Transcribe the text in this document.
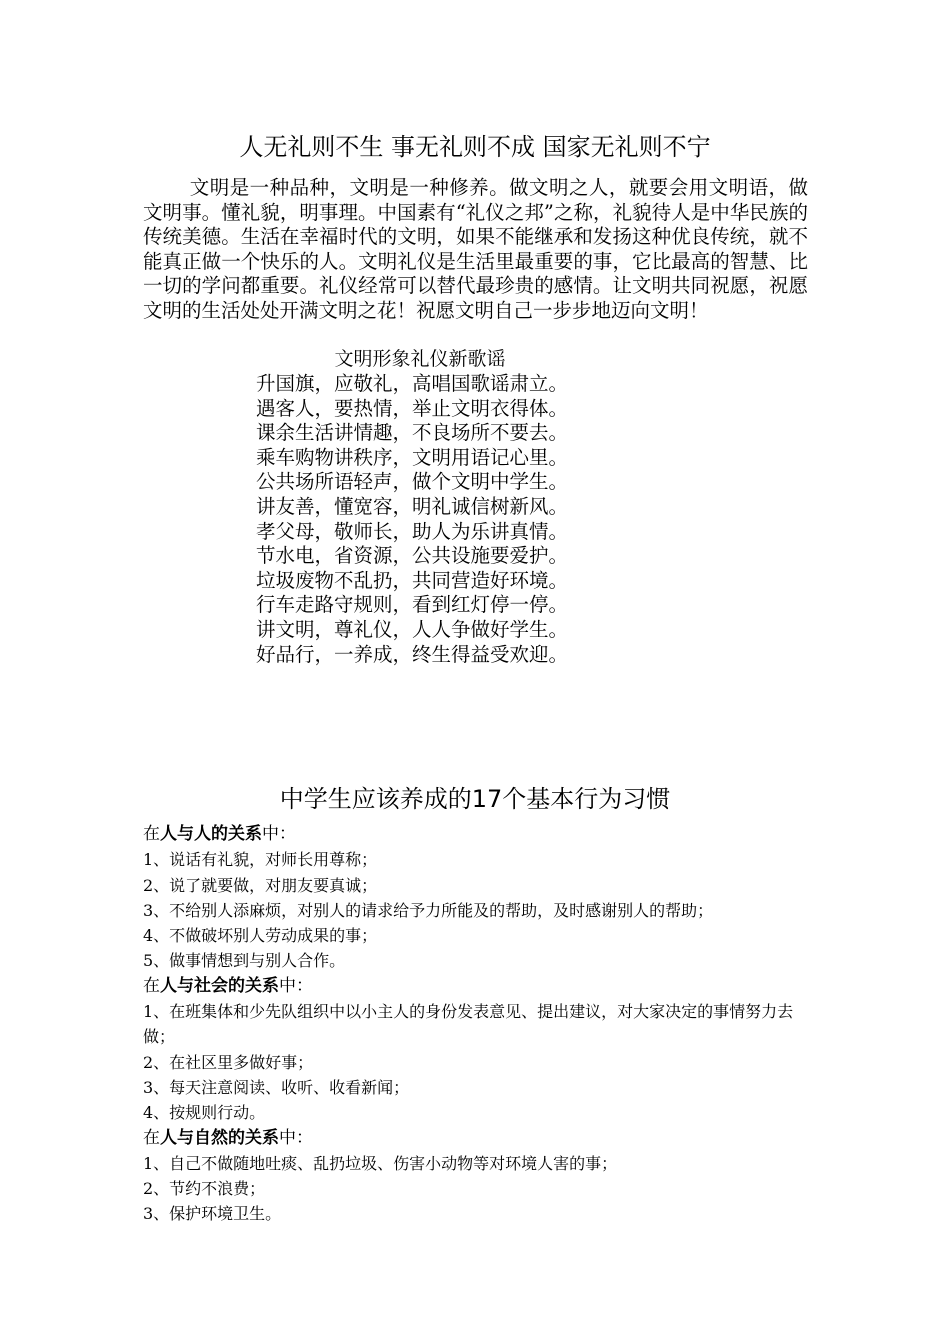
人无礼则不生 事无礼则不成 国家无礼则不宁
文明是一种品种，文明是一种修养。做文明之人，就要会用文明语，做文明事。懂礼貌，明事理。中国素有“礼仪之邦”之称，礼貌待人是中华民族的传统美德。生活在幸福时代的文明，如果不能继承和发扬这种优良传统，就不能真正做一个快乐的人。文明礼仪是生活里最重要的事，它比最高的智慧、比一切的学问都重要。礼仪经常可以替代最珍贵的感情。让文明共同祝愿，祝愿文明的生活处处开满文明之花！祝愿文明自己一步步地迈向文明！
文明形象礼仪新歌谣
升国旗，应敬礼，高唱国歌谣肃立。
遇客人，要热情，举止文明衣得体。
课余生活讲情趣，不良场所不要去。
乘车购物讲秩序，文明用语记心里。
公共场所语轻声，做个文明中学生。
讲友善，懂宽容，明礼诚信树新风。
孝父母，敬师长，助人为乐讲真情。
节水电，省资源，公共设施要爱护。
垃圾废物不乱扔，共同营造好环境。
行车走路守规则，看到红灯停一停。
讲文明，尊礼仪，人人争做好学生。
好品行，一养成，终生得益受欢迎。
中学生应该养成的17个基本行为习惯
在人与人的关系中：
1、说话有礼貌，对师长用尊称；
2、说了就要做，对朋友要真诚；
3、不给别人添麻烦，对别人的请求给予力所能及的帮助，及时感谢别人的帮助；
4、不做破坏别人劳动成果的事；
5、做事情想到与别人合作。
在人与社会的关系中：
1、在班集体和少先队组织中以小主人的身份发表意见、提出建议，对大家决定的事情努力去做；
2、在社区里多做好事；
3、每天注意阅读、收听、收看新闻；
4、按规则行动。
在人与自然的关系中：
1、自己不做随地吐痰、乱扔垃圾、伤害小动物等对环境人害的事；
2、节约不浪费；
3、保护环境卫生。
